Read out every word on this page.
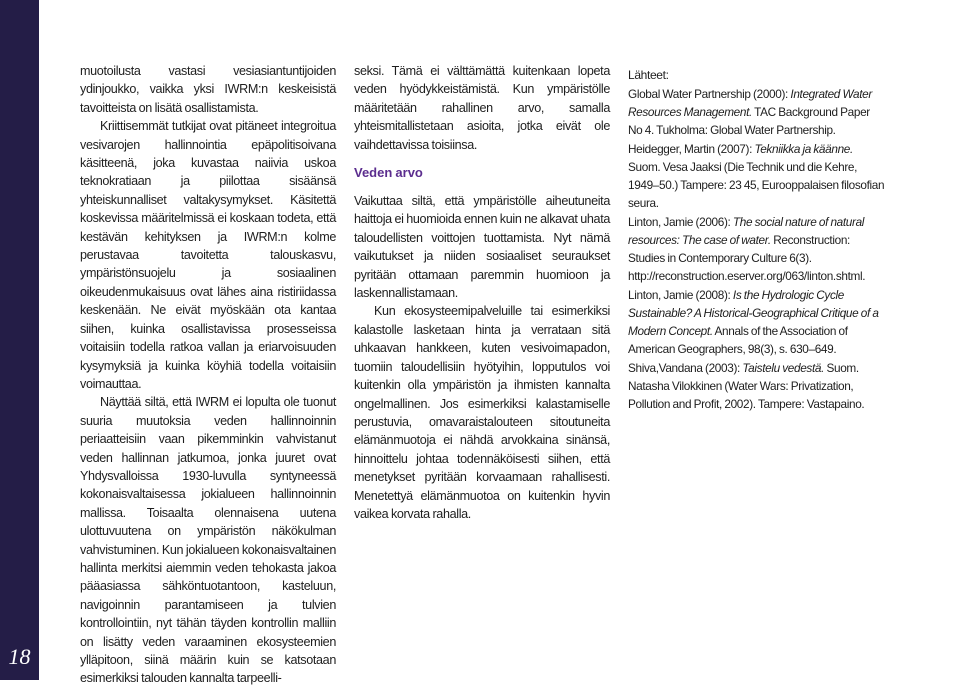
18

muotoilusta vastasi vesiasiantuntijoiden ydinjoukko, vaikka yksi IWRM:n keskeisistä tavoitteista on lisätä osallistamista.

Kriittisemmät tutkijat ovat pitäneet integroitua vesivarojen hallinnointia epäpolitisoivana käsitteenä, joka kuvastaa naiivia uskoa teknokratiaan ja piilottaa sisäänsä yhteiskunnalliset valtakysymykset. Käsitettä koskevissa määritelmissä ei koskaan todeta, että kestävän kehityksen ja IWRM:n kolme perustavaa tavoitetta talouskasvu, ympäristönsuojelu ja sosiaalinen oikeudenmukaisuus ovat lähes aina ristiriidassa keskenään. Ne eivät myöskään ota kantaa siihen, kuinka osallistavissa prosesseissa voitaisiin todella ratkoa vallan ja eriarvoisuuden kysymyksiä ja kuinka köyhiä todella voitaisiin voimauttaa.

Näyttää siltä, että IWRM ei lopulta ole tuonut suuria muutoksia veden hallinnoinnin periaatteisiin vaan pikemminkin vahvistanut veden hallinnan jatkumoa, jonka juuret ovat Yhdysvalloissa 1930-luvulla syntyneessä kokonaisvaltaisessa jokialueen hallinnoinnin mallissa. Toisaalta olennaisena uutena ulottuvuutena on ympäristön näkökulman vahvistuminen. Kun jokialueen kokonaisvaltainen hallinta merkitsi aiemmin veden tehokasta jakoa pääasiassa sähköntuotantoon, kasteluun, navigoinnin parantamiseen ja tulvien kontrollointiin, nyt tähän täyden kontrollin malliin on lisätty veden varaaminen ekosysteemien ylläpitoon, siinä määrin kuin se katsotaan esimerkiksi talouden kannalta tarpeelli-

seksi. Tämä ei välttämättä kuitenkaan lopeta veden hyödykkeistämistä. Kun ympäristölle määritetään rahallinen arvo, samalla yhteismitallistetaan asioita, jotka eivät ole vaihdettavissa toisiinsa.

Veden arvo

Vaikuttaa siltä, että ympäristölle aiheutuneita haittoja ei huomioida ennen kuin ne alkavat uhata taloudellisten voittojen tuottamista. Nyt nämä vaikutukset ja niiden sosiaaliset seuraukset pyritään ottamaan paremmin huomioon ja laskennallistamaan.

Kun ekosysteemipalveluille tai esimerkiksi kalastolle lasketaan hinta ja verrataan sitä uhkaavan hankkeen, kuten vesivoimapadon, tuomiin taloudellisiin hyötyihin, lopputulos voi kuitenkin olla ympäristön ja ihmisten kannalta ongelmallinen. Jos esimerkiksi kalastamiselle perustuvia, omavaraistalouteen sitoutuneita elämänmuotoja ei nähdä arvokkaina sinänsä, hinnoittelu johtaa todennäköisesti siihen, että menetykset pyritään korvaamaan rahallisesti. Menetettyä elämänmuotoa on kuitenkin hyvin vaikea korvata rahalla.

Lähteet:

Global Water Partnership (2000): Integrated Water Resources Management. TAC Background Paper No 4. Tukholma: Global Water Partnership.

Heidegger, Martin (2007): Tekniikka ja käänne. Suom. Vesa Jaaksi (Die Technik und die Kehre, 1949–50.) Tampere: 23 45, Eurooppalaisen filosofian seura.

Linton, Jamie (2006): The social nature of natural resources: The case of water. Reconstruction: Studies in Contemporary Culture 6(3). http://reconstruction.eserver.org/063/linton.shtml.

Linton, Jamie (2008): Is the Hydrologic Cycle Sustainable? A Historical-Geographical Critique of a Modern Concept. Annals of the Association of American Geographers, 98(3), s. 630–649.

Shiva,Vandana (2003): Taistelu vedestä. Suom. Natasha Vilokkinen (Water Wars: Privatization, Pollution and Profit, 2002). Tampere: Vastapaino.
